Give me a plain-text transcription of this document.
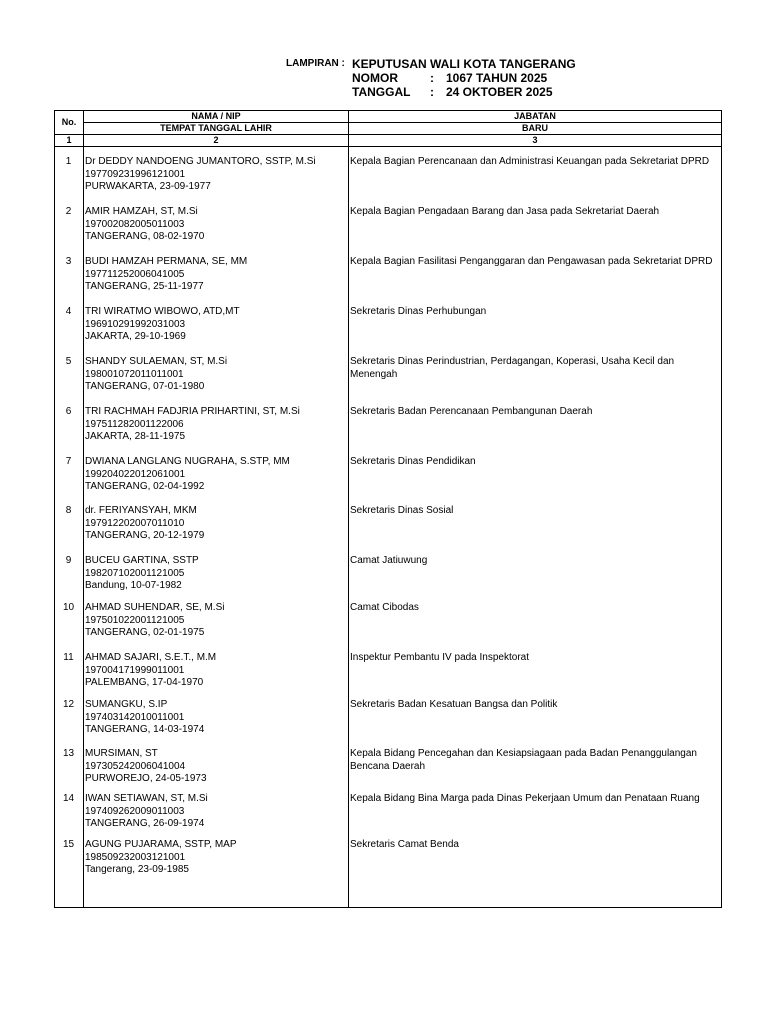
LAMPIRAN : KEPUTUSAN WALI KOTA TANGERANG
NOMOR	: 1067 TAHUN 2025
TANGGAL : 24 OKTOBER 2025
No.	NAMA / NIP	JABATAN
	TEMPAT TANGGAL LAHIR	BARU
1	2	3

1	Dr DEDDY NANDOENG JUMANTORO, SSTP, M.Si
197709231996121001
PURWAKARTA, 23-09-1977
Kepala Bagian Perencanaan dan Administrasi Keuangan pada Sekretariat DPRD
2	AMIR HAMZAH, ST, M.Si
197002082005011003
TANGERANG, 08-02-1970
Kepala Bagian Pengadaan Barang dan Jasa pada Sekretariat Daerah
3	BUDI HAMZAH PERMANA, SE, MM
197711252006041005
TANGERANG, 25-11-1977
Kepala Bagian Fasilitasi Penganggaran dan Pengawasan pada Sekretariat DPRD
4	TRI WIRATMO WIBOWO, ATD,MT
196910291992031003
JAKARTA, 29-10-1969
Sekretaris Dinas Perhubungan
5	SHANDY SULAEMAN, ST, M.Si
198001072011011001
TANGERANG, 07-01-1980
Sekretaris Dinas Perindustrian, Perdagangan, Koperasi, Usaha Kecil dan Menengah
6	TRI RACHMAH FADJRIA PRIHARTINI, ST, M.Si
197511282001122006
JAKARTA, 28-11-1975
Sekretaris Badan Perencanaan Pembangunan Daerah
7	DWIANA LANGLANG NUGRAHA, S.STP, MM
199204022012061001
TANGERANG, 02-04-1992
Sekretaris Dinas Pendidikan
8	dr. FERIYANSYAH, MKM
197912202007011010
TANGERANG, 20-12-1979
Sekretaris Dinas Sosial
9	BUCEU GARTINA, SSTP
198207102001121005
Bandung, 10-07-1982
Camat Jatiuwung
10	AHMAD SUHENDAR, SE, M.Si
197501022001121005
TANGERANG, 02-01-1975
Camat Cibodas
11	AHMAD SAJARI, S.E.T., M.M
197004171999011001
PALEMBANG, 17-04-1970
Inspektur Pembantu IV pada Inspektorat
12	SUMANGKU, S.IP
197403142010011001
TANGERANG, 14-03-1974
Sekretaris Badan Kesatuan Bangsa dan Politik
13	MURSIMAN, ST
197305242006041004
PURWOREJO, 24-05-1973
Kepala Bidang Pencegahan dan Kesiapsiagaan pada Badan Penanggulangan Bencana Daerah
14	IWAN SETIAWAN, ST, M.Si
197409262009011003
TANGERANG, 26-09-1974
Kepala Bidang Bina Marga pada Dinas Pekerjaan Umum dan Penataan Ruang
15	AGUNG PUJARAMA, SSTP, MAP
198509232003121001
Tangerang, 23-09-1985
Sekretaris Camat Benda
